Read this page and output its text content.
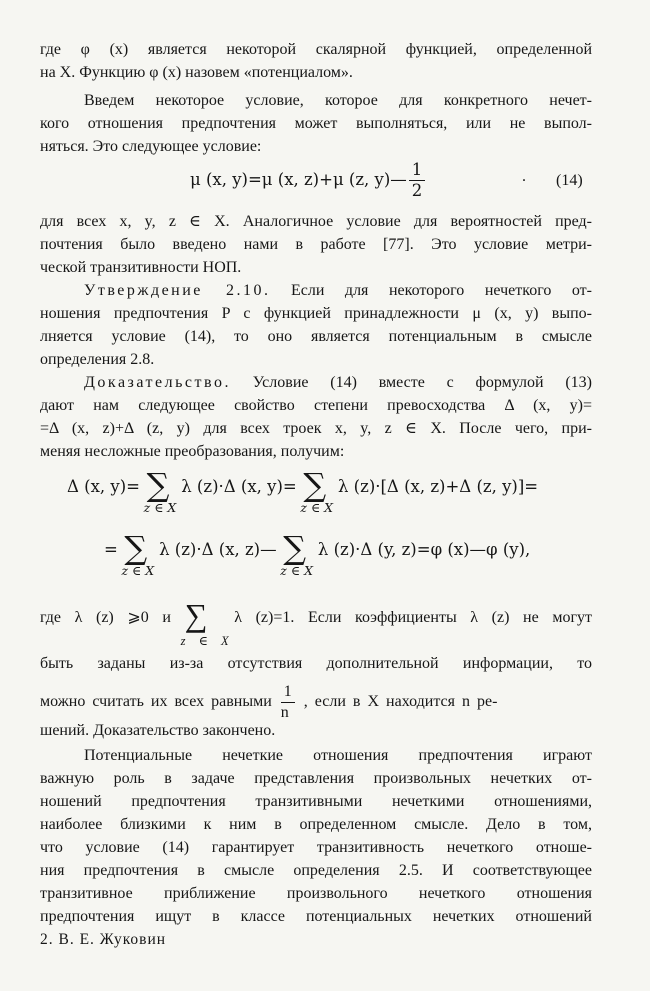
где φ (x) является некоторой скалярной функцией, определенной
на X. Функцию φ (x) назовем «потенциалом».
Введем некоторое условие, которое для конкретного нечет-
кого отношения предпочтения может выполняться, или не выпол-
няться. Это следующее условие:
μ (x, y)=μ (x, z)+μ (z, y)— $\frac{1}{2}$	. (14)
для всех x, y, z ∈ X. Аналогичное условие для вероятностей пред-
почтения было введено нами в работе [77]. Это условие метри-
ческой транзитивности НОП.
Утверждение 2.10. Если для некоторого нечеткого от-
ношения предпочтения P с функцией принадлежности μ (x, y) выпо-
лняется условие (14), то оно является потенциальным в смысле
определения 2.8.
Доказательство. Условие (14) вместе с формулой (13)
дают нам следующее свойство степени превосходства Δ (x, y)=
=Δ (x, z)+Δ (z, y) для всех троек x, y, z ∈ X. После чего, при-
меняя несложные преобразования, получим:
Δ (x, y)= ∑
z ∈ X
λ (z)·Δ (x, y)= ∑
z ∈ X
λ (z)·[Δ (x, z)+Δ (z, y)]=
= ∑
z ∈ X
λ (z)·Δ (x, z)— ∑
z ∈ X
λ (z)·Δ (y, z)=φ (x)—φ (y),
где λ (z) ⩾0 и ∑
z ∈ X
λ (z)=1. Если коэффициенты λ (z) не могут
быть заданы из-за отсутствия дополнительной информации, то
можно считать их всех равными $\frac{1}{n}$ , если в X находится n ре-
шений. Доказательство закончено.
Потенциальные нечеткие отношения предпочтения играют
важную роль в задаче представления произвольных нечетких от-
ношений предпочтения транзитивными нечеткими отношениями,
наиболее близкими к ним в определенном смысле. Дело в том,
что условие (14) гарантирует транзитивность нечеткого отноше-
ния предпочтения в смысле определения 2.5. И соответствующее
транзитивное приближение произвольного нечеткого отношения
предпочтения ищут в классе потенциальных нечетких отношений
2. В. Е. Жуковин
